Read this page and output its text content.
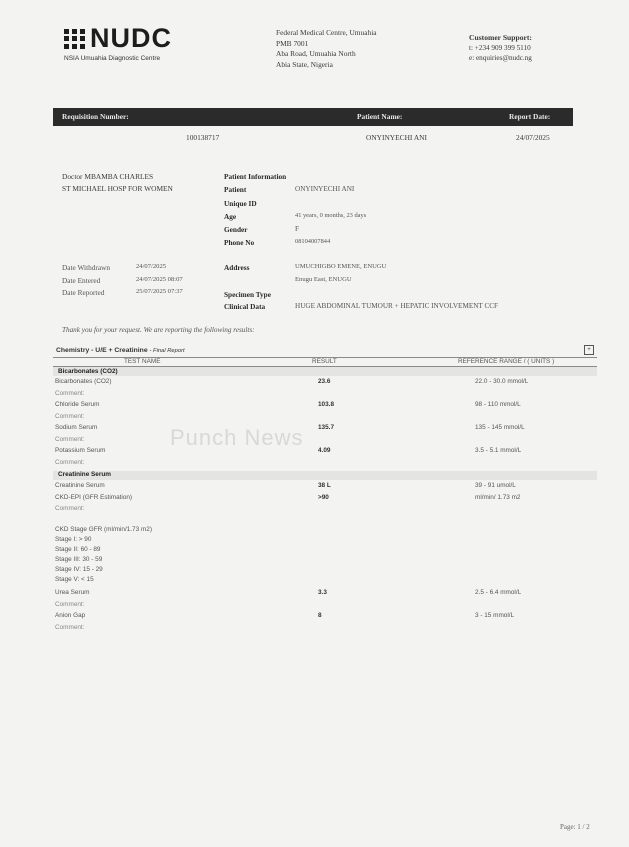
NUDC
NSIA Umuahia Diagnostic Centre
Federal Medical Centre, Umuahia
PMB 7001
Aba Road, Umuahia North
Abia State, Nigeria
Customer Support:
t: +234 909 399 5110
e: enquiries@nudc.ng
Requisition Number:	Patient Name:	Report Date:
100138717	ONYINYECHI ANI	24/07/2025
Doctor MBAMBA CHARLES
ST MICHAEL HOSP FOR WOMEN
Patient Information
Patient	ONYINYECHI ANI
Unique ID
Age	41 years, 0 months, 23 days
Gender	F
Phone No	08104007844
Date Withdrawn	24/07/2025
Date Entered	24/07/2025 08:07
Date Reported	25/07/2025 07:37
Address	UMUCHIGBO EMENE, ENUGU
Enugu East, ENUGU
Specimen Type
Clinical Data	HUGE ABDOMINAL TUMOUR + HEPATIC INVOLVEMENT CCF
Thank you for your request. We are reporting the following results:
Chemistry - U/E + Creatinine - Final Report	+
TEST NAME	RESULT	REFERENCE RANGE / ( UNITS )
Bicarbonates (CO2)
Bicarbonates (CO2)	23.6	22.0 - 30.0 mmol/L
Comment:
Chloride Serum	103.8	98 - 110 mmol/L
Comment:
Sodium Serum	135.7	135 - 145 mmol/L
Comment:
Potassium Serum	4.09	3.5 - 5.1 mmol/L
Comment:
Creatinine Serum
Creatinine Serum	38 L	39 - 91 umol/L
CKD-EPI (GFR Estimation)	>90	ml/min/ 1.73 m2
Comment:
CKD Stage GFR (ml/min/1.73 m2)
Stage I: > 90
Stage II: 60 - 89
Stage III: 30 - 59
Stage IV: 15 - 29
Stage V: < 15
Urea Serum	3.3	2.5 - 6.4 mmol/L
Comment:
Anion Gap	8	3 - 15 mmol/L
Comment:
Punch News
Page: 1 / 2
